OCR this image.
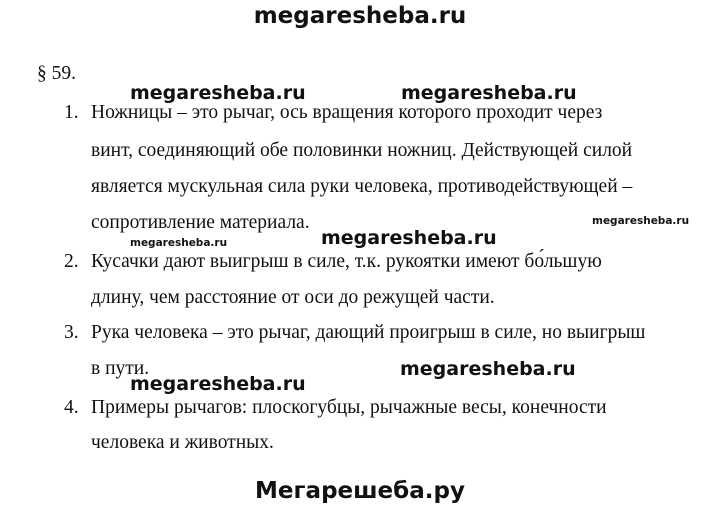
megaresheba.ru
§ 59.
1. Ножницы – это рычаг, ось вращения которого проходит через
винт, соединяющий обе половинки ножниц. Действующей силой
является мускульная сила руки человека, противодействующей –
сопротивление материала.
2. Кусачки дают выигрыш в силе, т.к. рукоятки имеют бо́льшую
длину, чем расстояние от оси до режущей части.
3. Рука человека – это рычаг, дающий проигрыш в силе, но выигрыш
в пути.
4. Примеры рычагов: плоскогубцы, рычажные весы, конечности
человека и животных.
megaresheba.ru	megaresheba.ru
megaresheba.ru
megaresheba.ru	megaresheba.ru
megaresheba.ru
megaresheba.ru
Мегарешеба.ру
